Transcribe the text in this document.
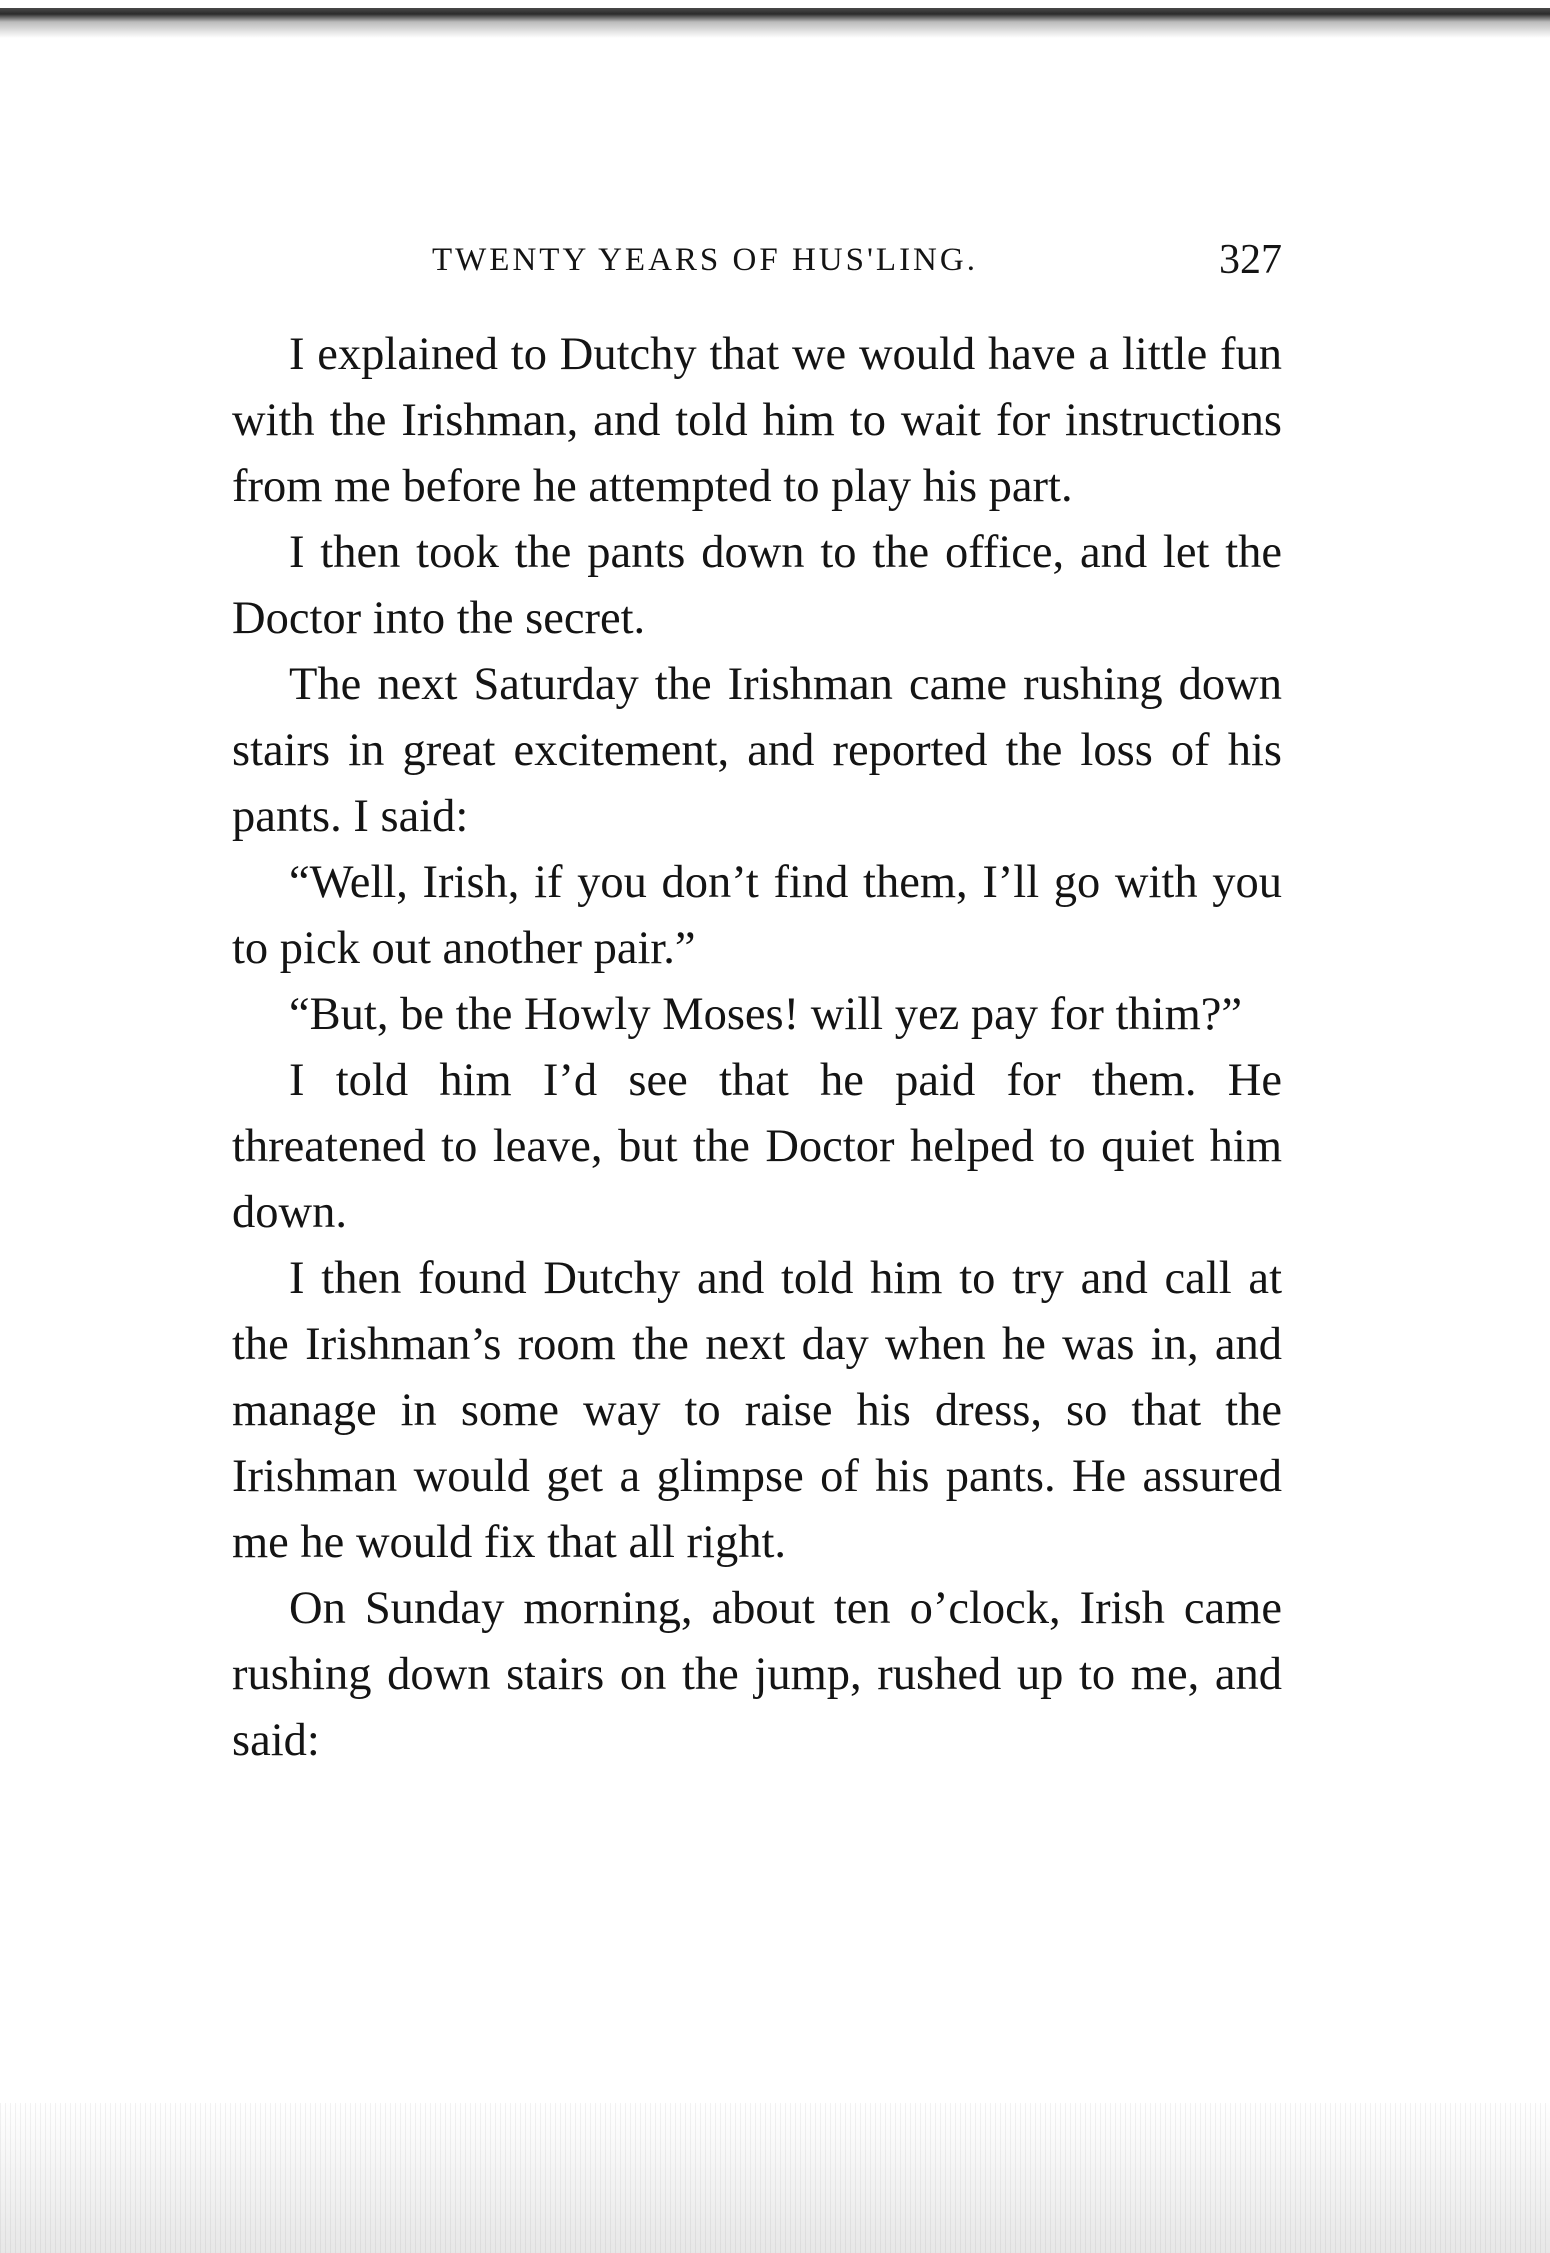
TWENTY YEARS OF HUS'LING.	327

I explained to Dutchy that we would have a little fun with the Irishman, and told him to wait for instructions from me before he attempted to play his part.

I then took the pants down to the office, and let the Doctor into the secret.

The next Saturday the Irishman came rushing down stairs in great excitement, and reported the loss of his pants. I said:

“Well, Irish, if you don’t find them, I’ll go with you to pick out another pair.”

“But, be the Howly Moses! will yez pay for thim?”

I told him I’d see that he paid for them. He threatened to leave, but the Doctor helped to quiet him down.

I then found Dutchy and told him to try and call at the Irishman’s room the next day when he was in, and manage in some way to raise his dress, so that the Irishman would get a glimpse of his pants. He assured me he would fix that all right.

On Sunday morning, about ten o’clock, Irish came rushing down stairs on the jump, rushed up to me, and said:
